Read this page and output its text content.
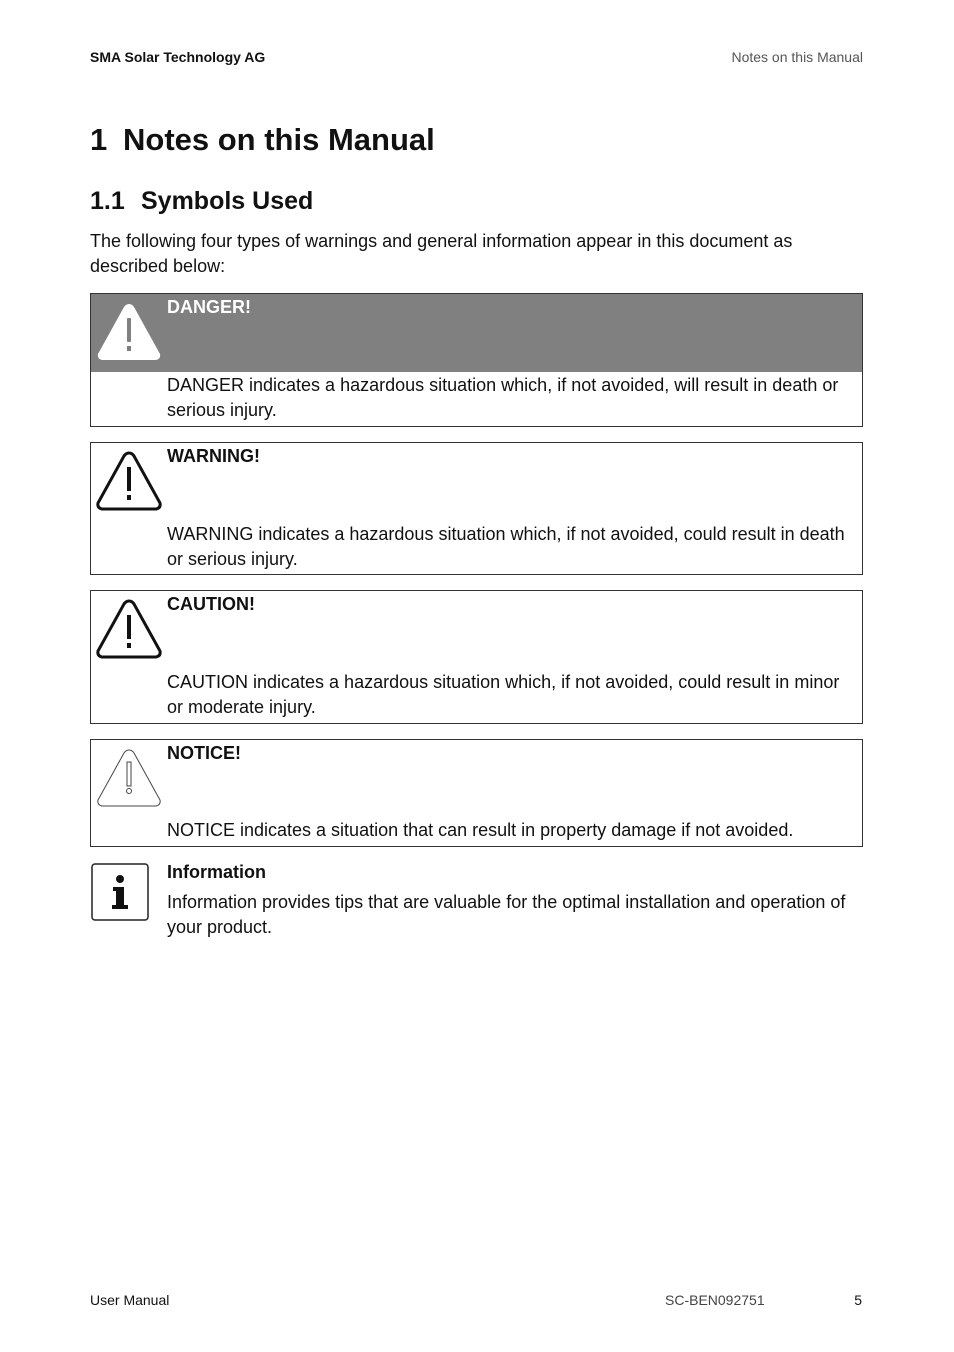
SMA Solar Technology AG	Notes on this Manual
1 Notes on this Manual
1.1 Symbols Used

The following four types of warnings and general information appear in this document as described below:

DANGER!

DANGER indicates a hazardous situation which, if not avoided, will result in death or serious injury.

WARNING!

WARNING indicates a hazardous situation which, if not avoided, could result in death or serious injury.

CAUTION!

CAUTION indicates a hazardous situation which, if not avoided, could result in minor or moderate injury.

NOTICE!

NOTICE indicates a situation that can result in property damage if not avoided.

Information

Information provides tips that are valuable for the optimal installation and operation of your product.

User Manual	SC-BEN092751	5
